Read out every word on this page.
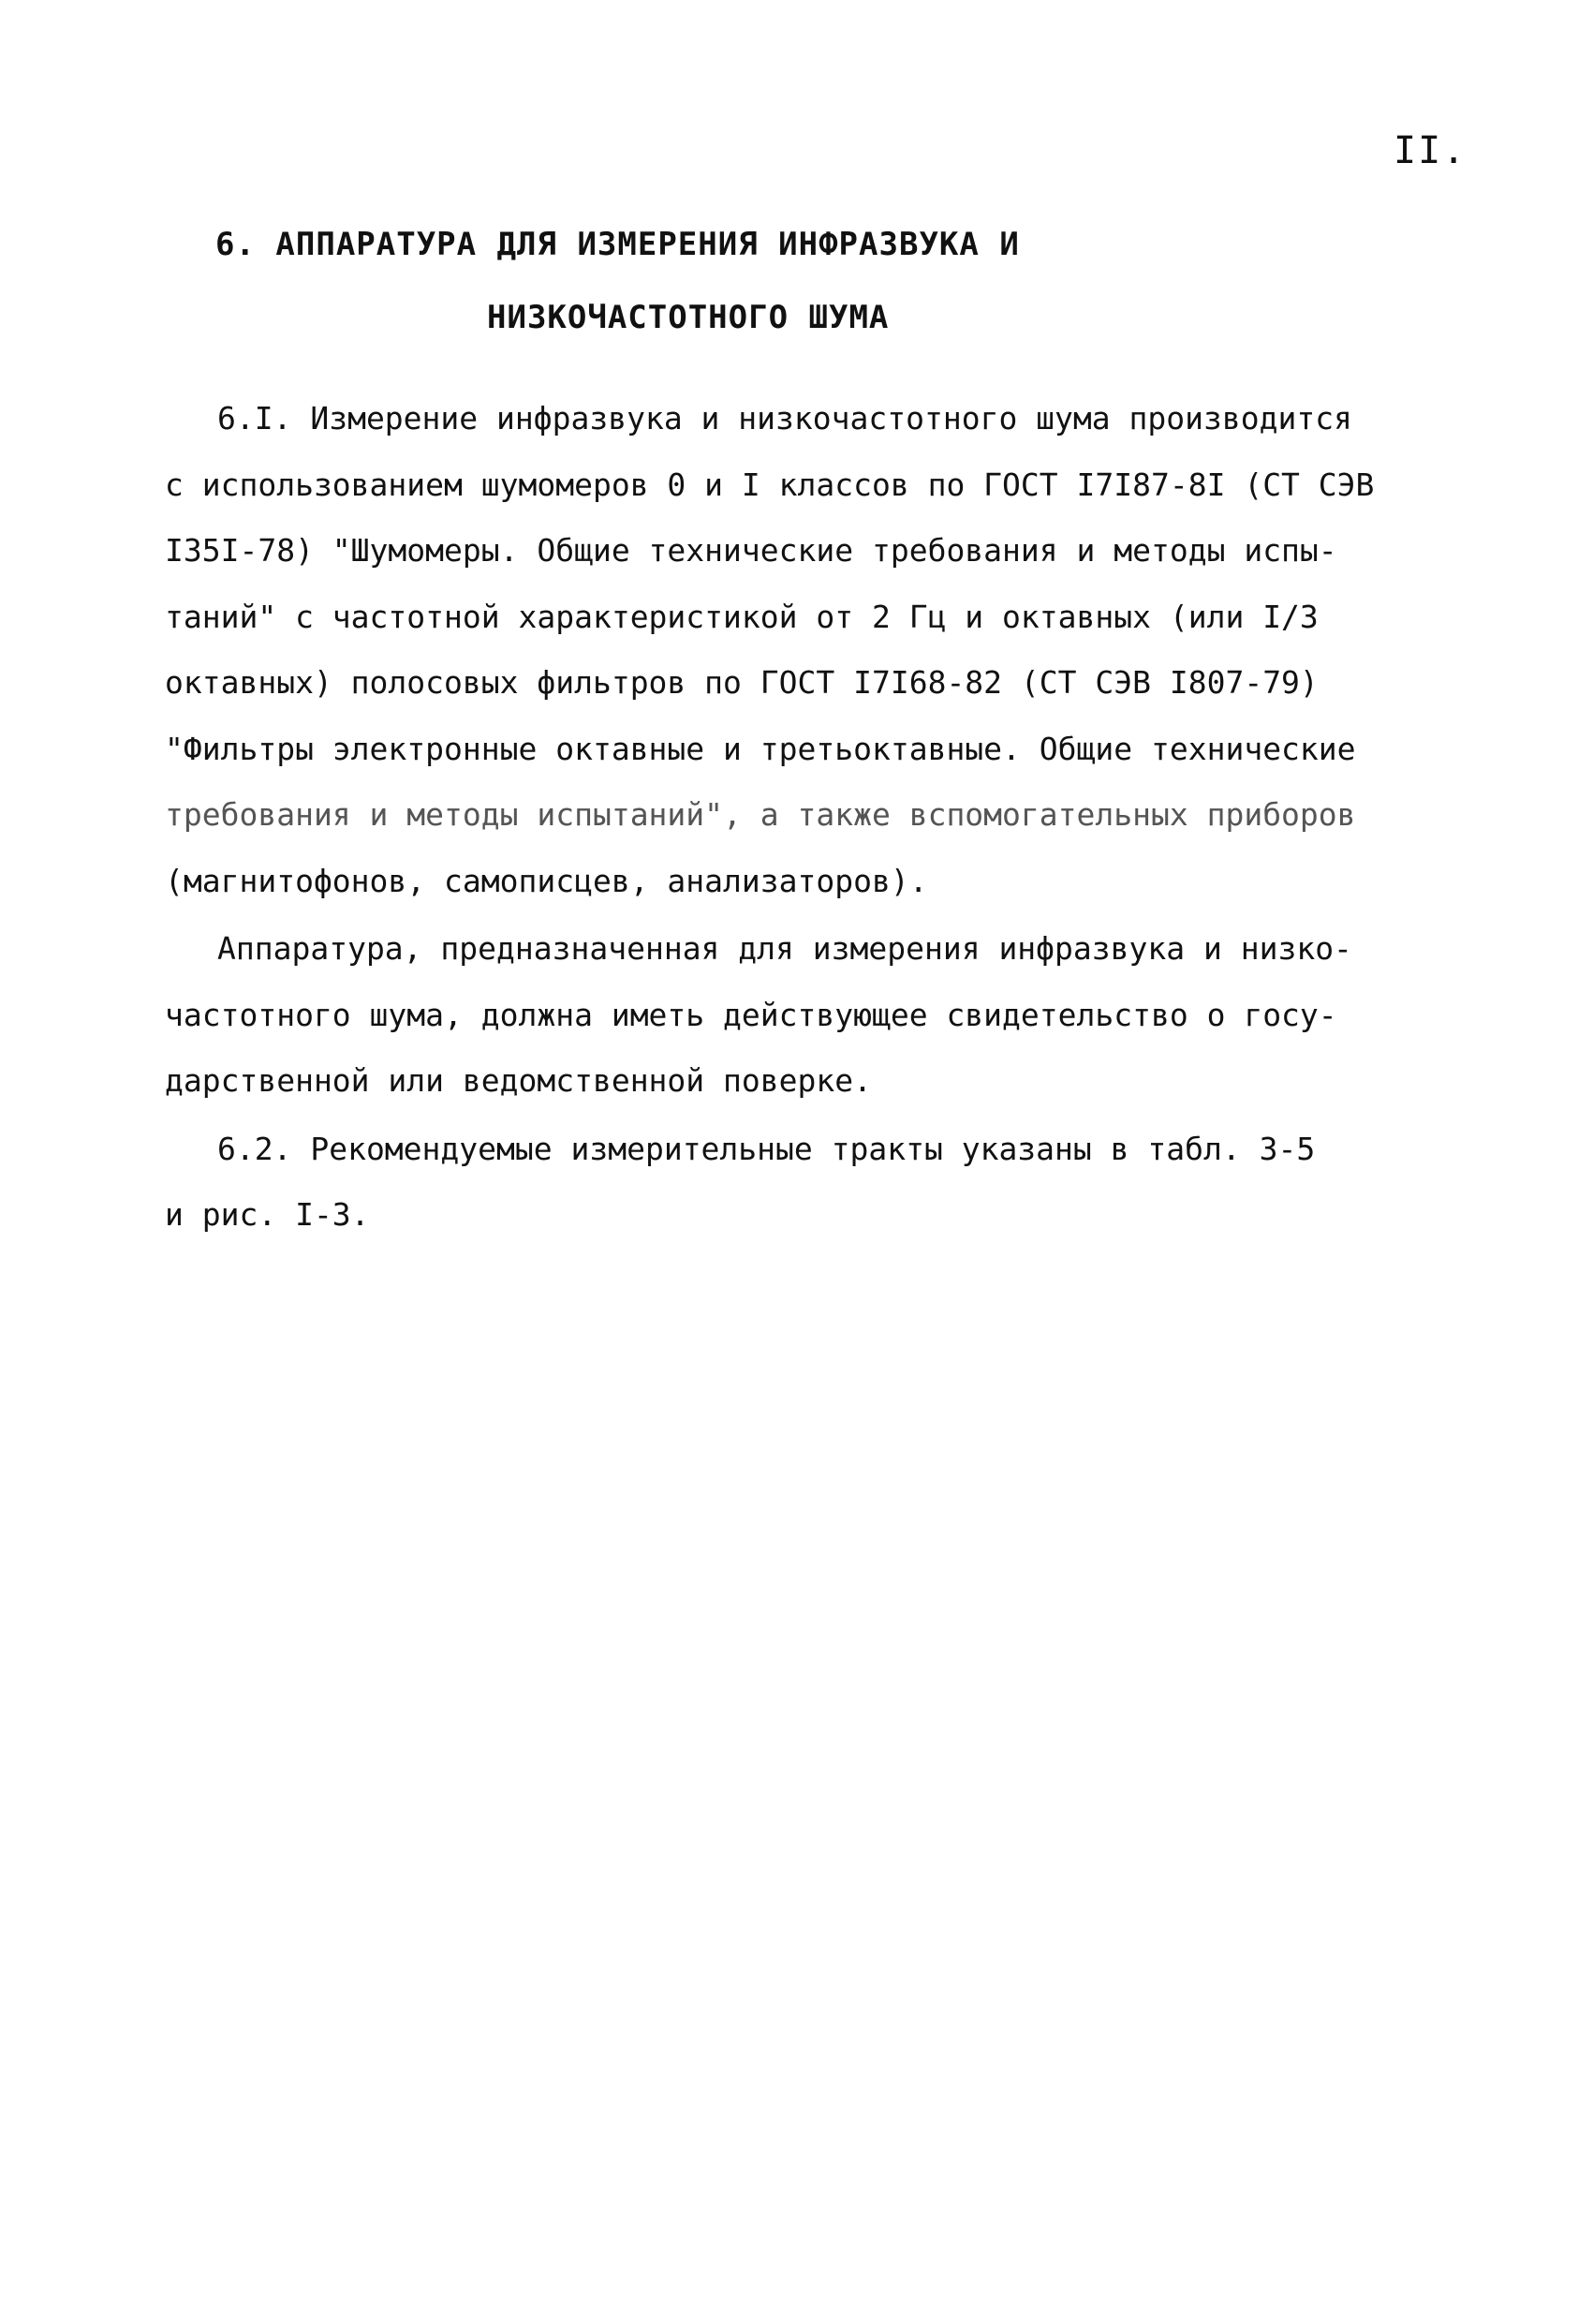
II.
6. АППАРАТУРА ДЛЯ ИЗМЕРЕНИЯ ИНФРАЗВУКА И
НИЗКОЧАСТОТНОГО ШУМА

6.I. Измерение инфразвука и низкочастотного шума производится

с использованием шумомеров 0 и I классов по ГОСТ I7I87-8I (СТ СЭВ

I35I-78) "Шумомеры. Общие технические требования и методы испы-

таний" с частотной характеристикой от 2 Гц и октавных (или I/3

октавных) полосовых фильтров по ГОСТ I7I68-82 (СТ СЭВ I807-79)

"Фильтры электронные октавные и третьоктавные. Общие технические

требования и методы испытаний", а также вспомогательных приборов

(магнитофонов, самописцев, анализаторов).

Аппаратура, предназначенная для измерения инфразвука и низко-

частотного шума, должна иметь действующее свидетельство о госу-

дарственной или ведомственной поверке.

6.2. Рекомендуемые измерительные тракты указаны в табл. 3-5

и рис. I-3.
